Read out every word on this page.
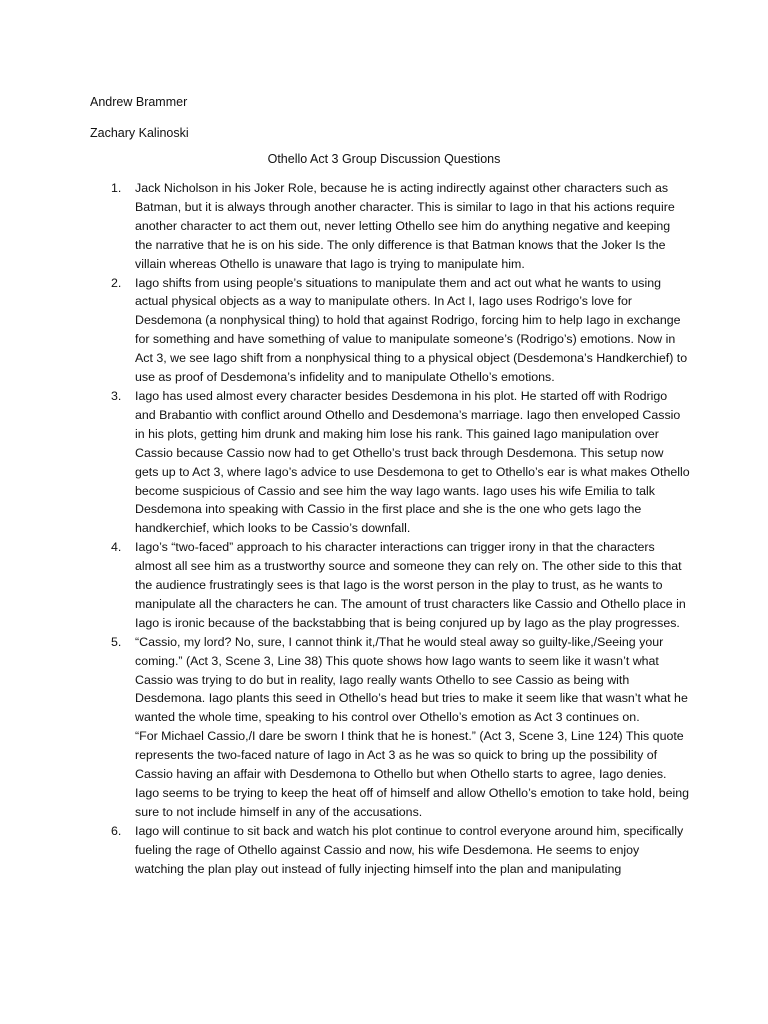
Andrew Brammer

Zachary Kalinoski

Othello Act 3 Group Discussion Questions
1. Jack Nicholson in his Joker Role, because he is acting indirectly against other characters such as Batman, but it is always through another character. This is similar to Iago in that his actions require another character to act them out, never letting Othello see him do anything negative and keeping the narrative that he is on his side. The only difference is that Batman knows that the Joker Is the villain whereas Othello is unaware that Iago is trying to manipulate him.

2. Iago shifts from using people’s situations to manipulate them and act out what he wants to using actual physical objects as a way to manipulate others. In Act I, Iago uses Rodrigo’s love for Desdemona (a nonphysical thing) to hold that against Rodrigo, forcing him to help Iago in exchange for something and have something of value to manipulate someone’s (Rodrigo’s) emotions. Now in Act 3, we see Iago shift from a nonphysical thing to a physical object (Desdemona’s Handkerchief) to use as proof of Desdemona’s infidelity and to manipulate Othello’s emotions.

3. Iago has used almost every character besides Desdemona in his plot. He started off with Rodrigo and Brabantio with conflict around Othello and Desdemona’s marriage. Iago then enveloped Cassio in his plots, getting him drunk and making him lose his rank. This gained Iago manipulation over Cassio because Cassio now had to get Othello’s trust back through Desdemona. This setup now gets up to Act 3, where Iago’s advice to use Desdemona to get to Othello’s ear is what makes Othello become suspicious of Cassio and see him the way Iago wants. Iago uses his wife Emilia to talk Desdemona into speaking with Cassio in the first place and she is the one who gets Iago the handkerchief, which looks to be Cassio’s downfall.

4. Iago’s “two-faced” approach to his character interactions can trigger irony in that the characters almost all see him as a trustworthy source and someone they can rely on. The other side to this that the audience frustratingly sees is that Iago is the worst person in the play to trust, as he wants to manipulate all the characters he can. The amount of trust characters like Cassio and Othello place in Iago is ironic because of the backstabbing that is being conjured up by Iago as the play progresses.

5. “Cassio, my lord? No, sure, I cannot think it,/That he would steal away so guilty-like,/Seeing your coming.” (Act 3, Scene 3, Line 38) This quote shows how Iago wants to seem like it wasn’t what Cassio was trying to do but in reality, Iago really wants Othello to see Cassio as being with Desdemona. Iago plants this seed in Othello’s head but tries to make it seem like that wasn’t what he wanted the whole time, speaking to his control over Othello’s emotion as Act 3 continues on.

“For Michael Cassio,/I dare be sworn I think that he is honest.” (Act 3, Scene 3, Line 124) This quote represents the two-faced nature of Iago in Act 3 as he was so quick to bring up the possibility of Cassio having an affair with Desdemona to Othello but when Othello starts to agree, Iago denies. Iago seems to be trying to keep the heat off of himself and allow Othello’s emotion to take hold, being sure to not include himself in any of the accusations.

6. Iago will continue to sit back and watch his plot continue to control everyone around him, specifically fueling the rage of Othello against Cassio and now, his wife Desdemona. He seems to enjoy watching the plan play out instead of fully injecting himself into the plan and manipulating
